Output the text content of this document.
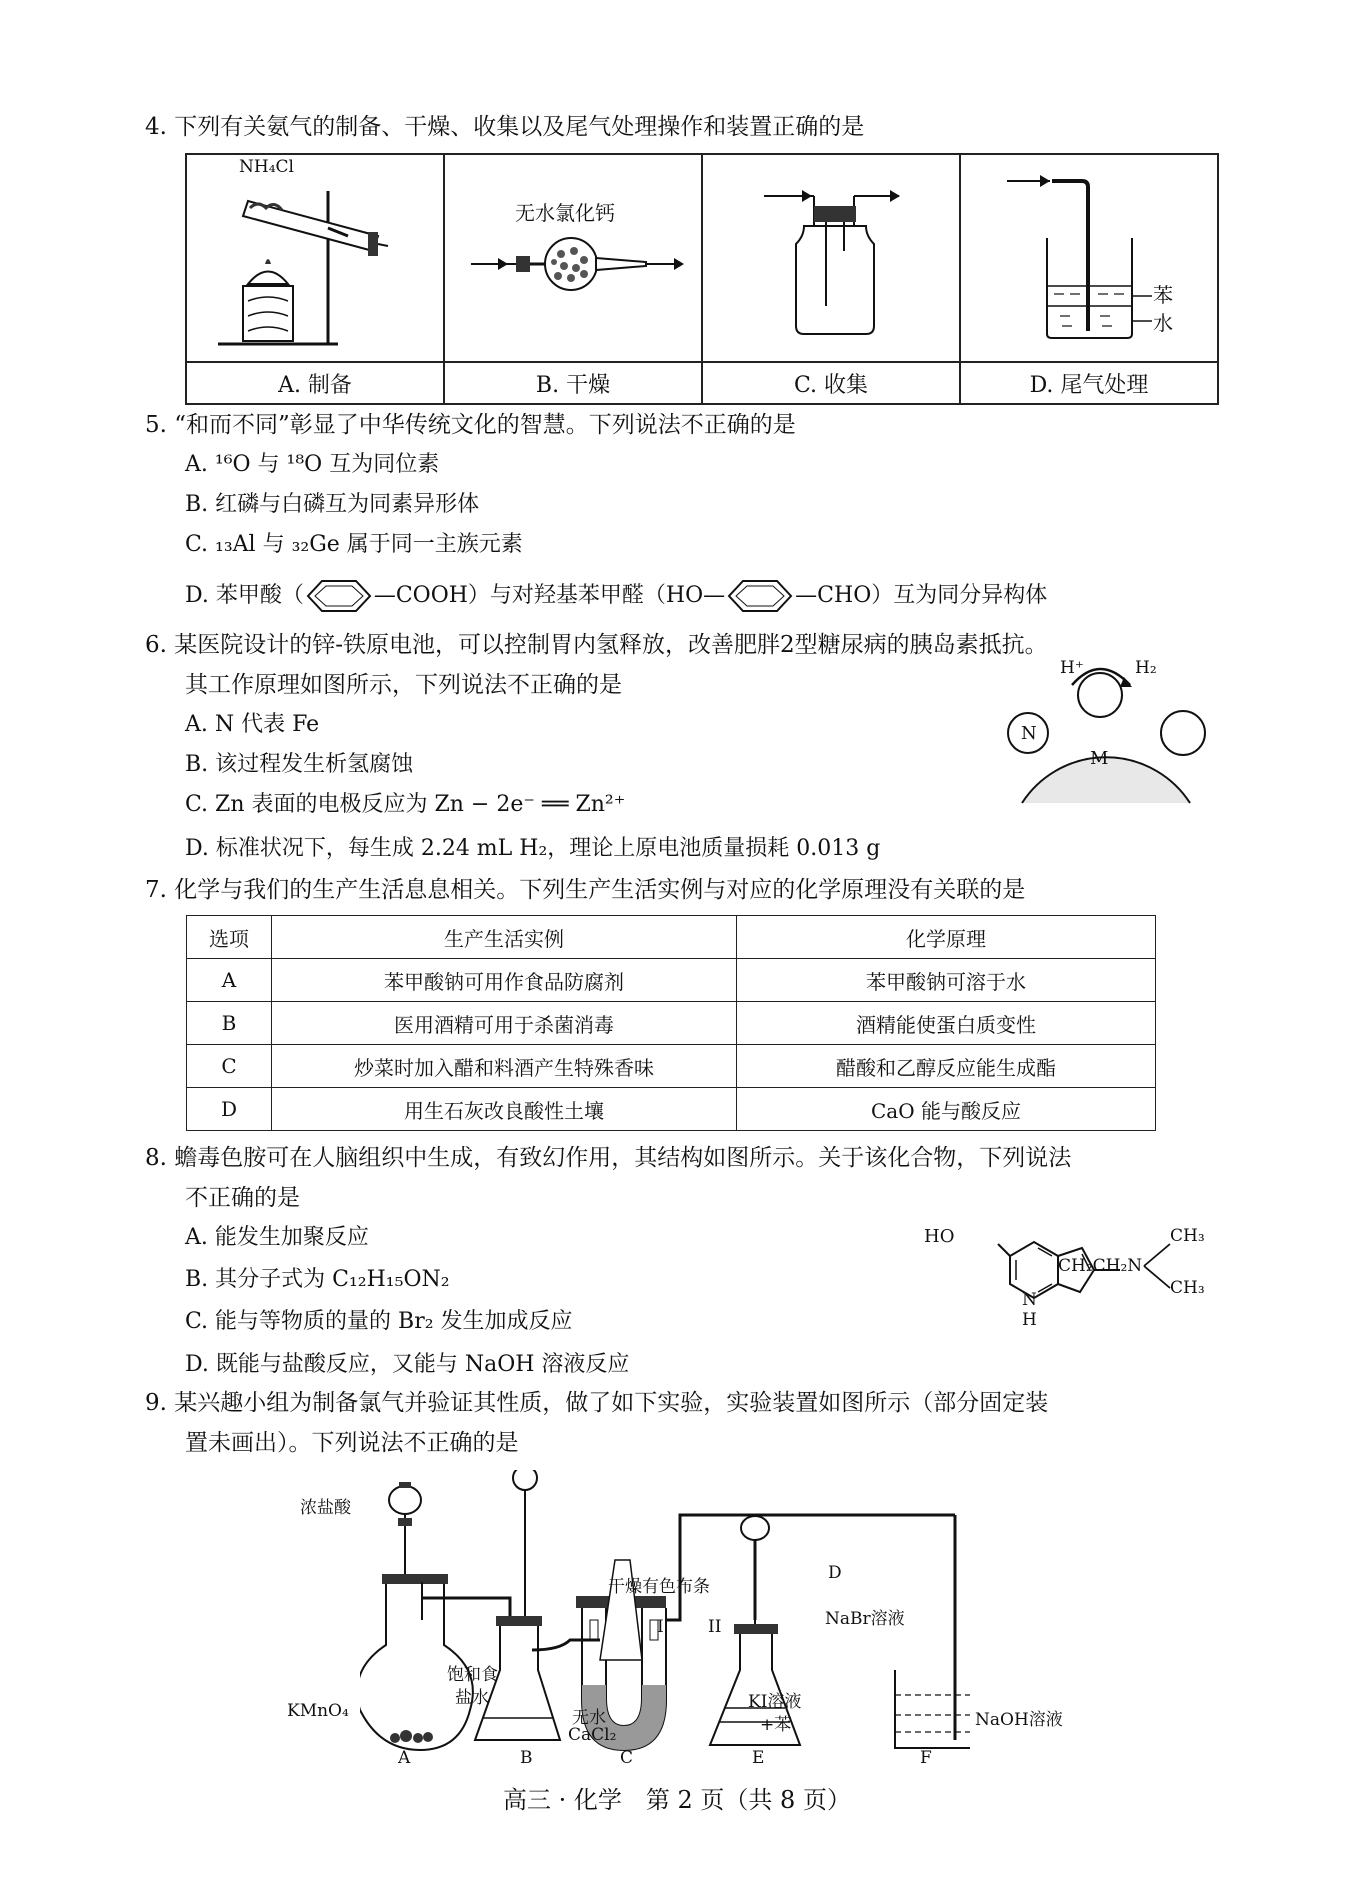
4. 下列有关氨气的制备、干燥、收集以及尾气处理操作和装置正确的是
NH₄Cl	无水氯化钙		苯
水

A. 制备	B. 干燥	C. 收集	D. 尾气处理
5. “和而不同”彰显了中华传统文化的智慧。下列说法不正确的是
A. ¹⁶O 与 ¹⁸O 互为同位素
B. 红磷与白磷互为同素异形体
C. ₁₃Al 与 ₃₂Ge 属于同一主族元素
D. 苯甲酸（	—COOH）与对羟基苯甲醛（HO—	—CHO）互为同分异构体
6. 某医院设计的锌-铁原电池，可以控制胃内氢释放，改善肥胖2型糖尿病的胰岛素抵抗。
其工作原理如图所示，下列说法不正确的是
A. N 代表 Fe
B. 该过程发生析氢腐蚀
C. Zn 表面的电极反应为 Zn − 2e⁻ ══ Zn²⁺
D. 标准状况下，每生成 2.24 mL H₂，理论上原电池质量损耗 0.013 g
H⁺	H₂
N
M
7. 化学与我们的生产生活息息相关。下列生产生活实例与对应的化学原理没有关联的是
选项	生产生活实例	化学原理
A	苯甲酸钠可用作食品防腐剂	苯甲酸钠可溶于水
B	医用酒精可用于杀菌消毒	酒精能使蛋白质变性
C	炒菜时加入醋和料酒产生特殊香味	醋酸和乙醇反应能生成酯
D	用生石灰改良酸性土壤	CaO 能与酸反应
8. 蟾毒色胺可在人脑组织中生成，有致幻作用，其结构如图所示。关于该化合物，下列说法
不正确的是
A. 能发生加聚反应
B. 其分子式为 C₁₂H₁₅ON₂
C. 能与等物质的量的 Br₂ 发生加成反应
D. 既能与盐酸反应，又能与 NaOH 溶液反应
HO
CH₂CH₂N
CH₃
CH₃
N
H
9. 某兴趣小组为制备氯气并验证其性质，做了如下实验，实验装置如图所示（部分固定装
置未画出）。下列说法不正确的是
浓盐酸
KMnO₄
饱和食
盐水
干燥有色布条
无水
CaCl₂
KI溶液
+苯
NaBr溶液
NaOH溶液
D
I	II
A	B	C	E	F
高三 · 化学　第 2 页（共 8 页）
